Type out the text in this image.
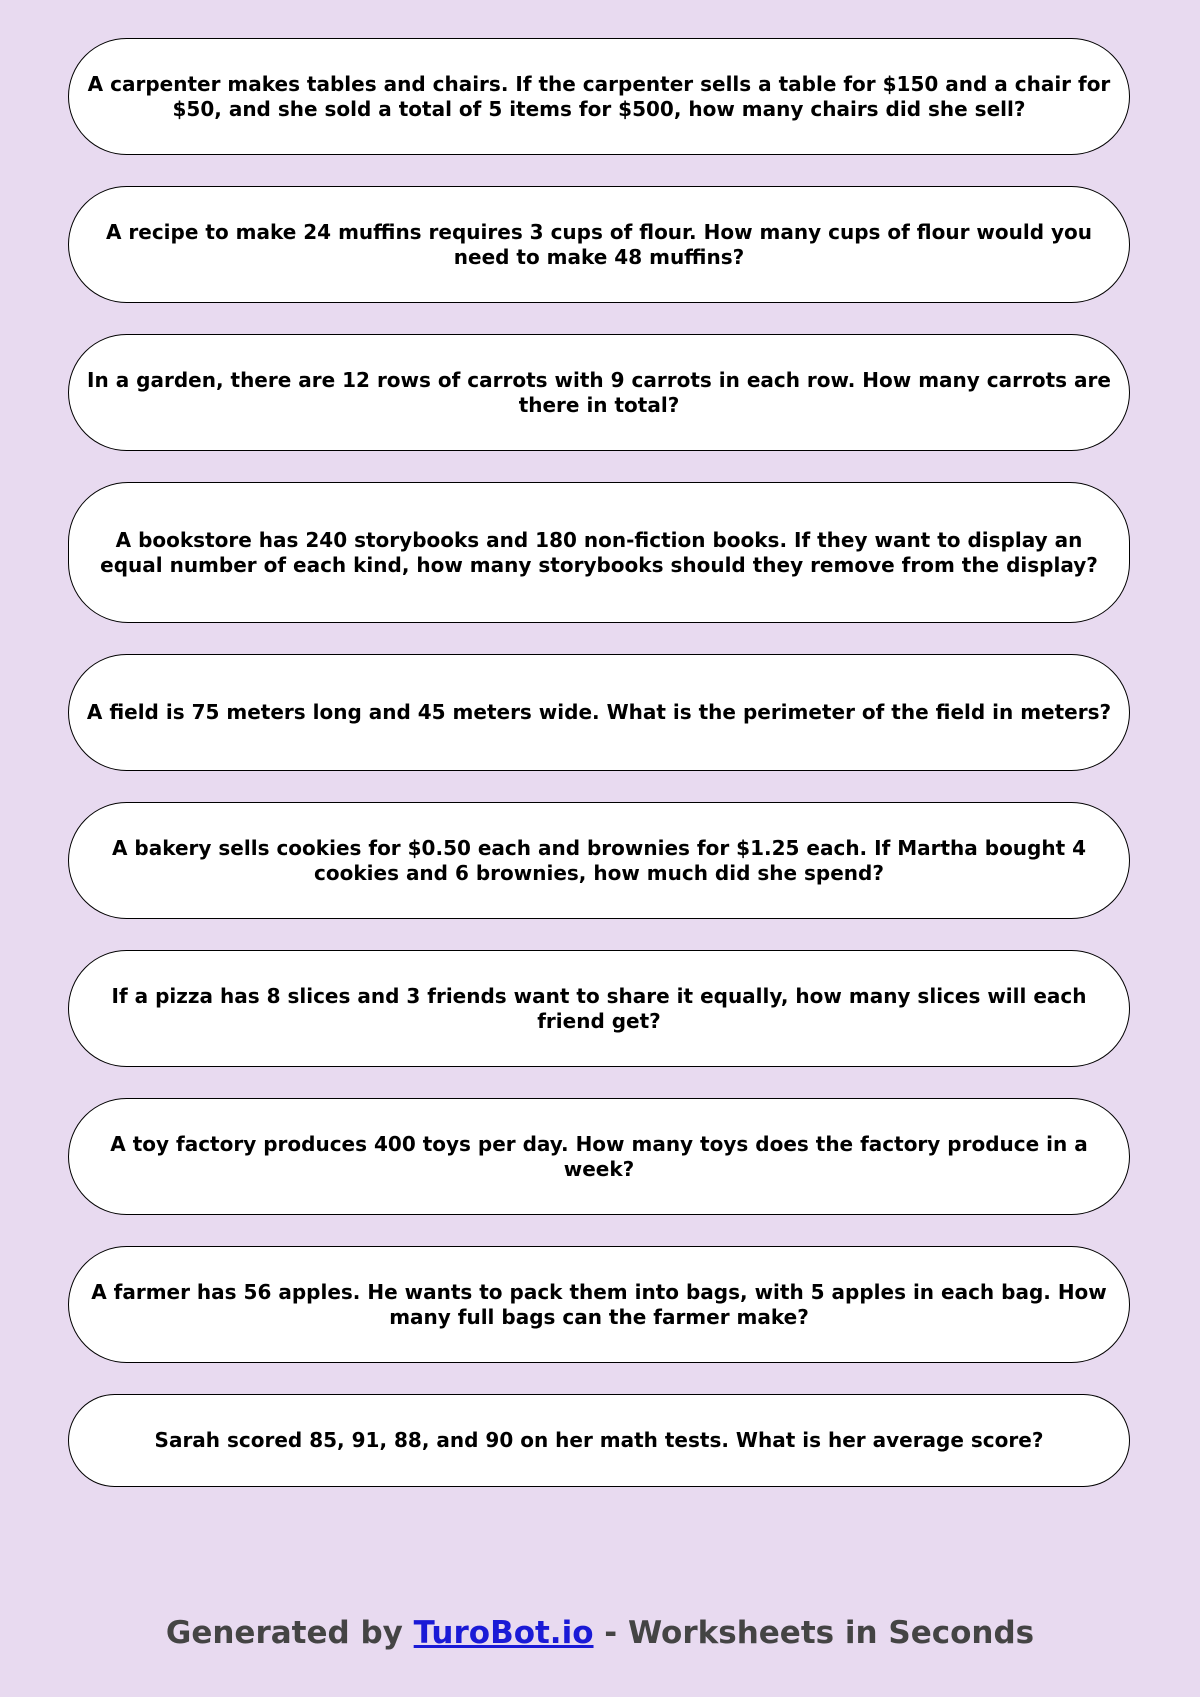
A carpenter makes tables and chairs. If the carpenter sells a table for $150 and a chair for $50, and she sold a total of 5 items for $500, how many chairs did she sell?
A recipe to make 24 muffins requires 3 cups of flour. How many cups of flour would you need to make 48 muffins?
In a garden, there are 12 rows of carrots with 9 carrots in each row. How many carrots are there in total?
A bookstore has 240 storybooks and 180 non-fiction books. If they want to display an equal number of each kind, how many storybooks should they remove from the display?
A field is 75 meters long and 45 meters wide. What is the perimeter of the field in meters?
A bakery sells cookies for $0.50 each and brownies for $1.25 each. If Martha bought 4 cookies and 6 brownies, how much did she spend?
If a pizza has 8 slices and 3 friends want to share it equally, how many slices will each friend get?
A toy factory produces 400 toys per day. How many toys does the factory produce in a week?
A farmer has 56 apples. He wants to pack them into bags, with 5 apples in each bag. How many full bags can the farmer make?
Sarah scored 85, 91, 88, and 90 on her math tests. What is her average score?
Generated by TuroBot.io - Worksheets in Seconds
